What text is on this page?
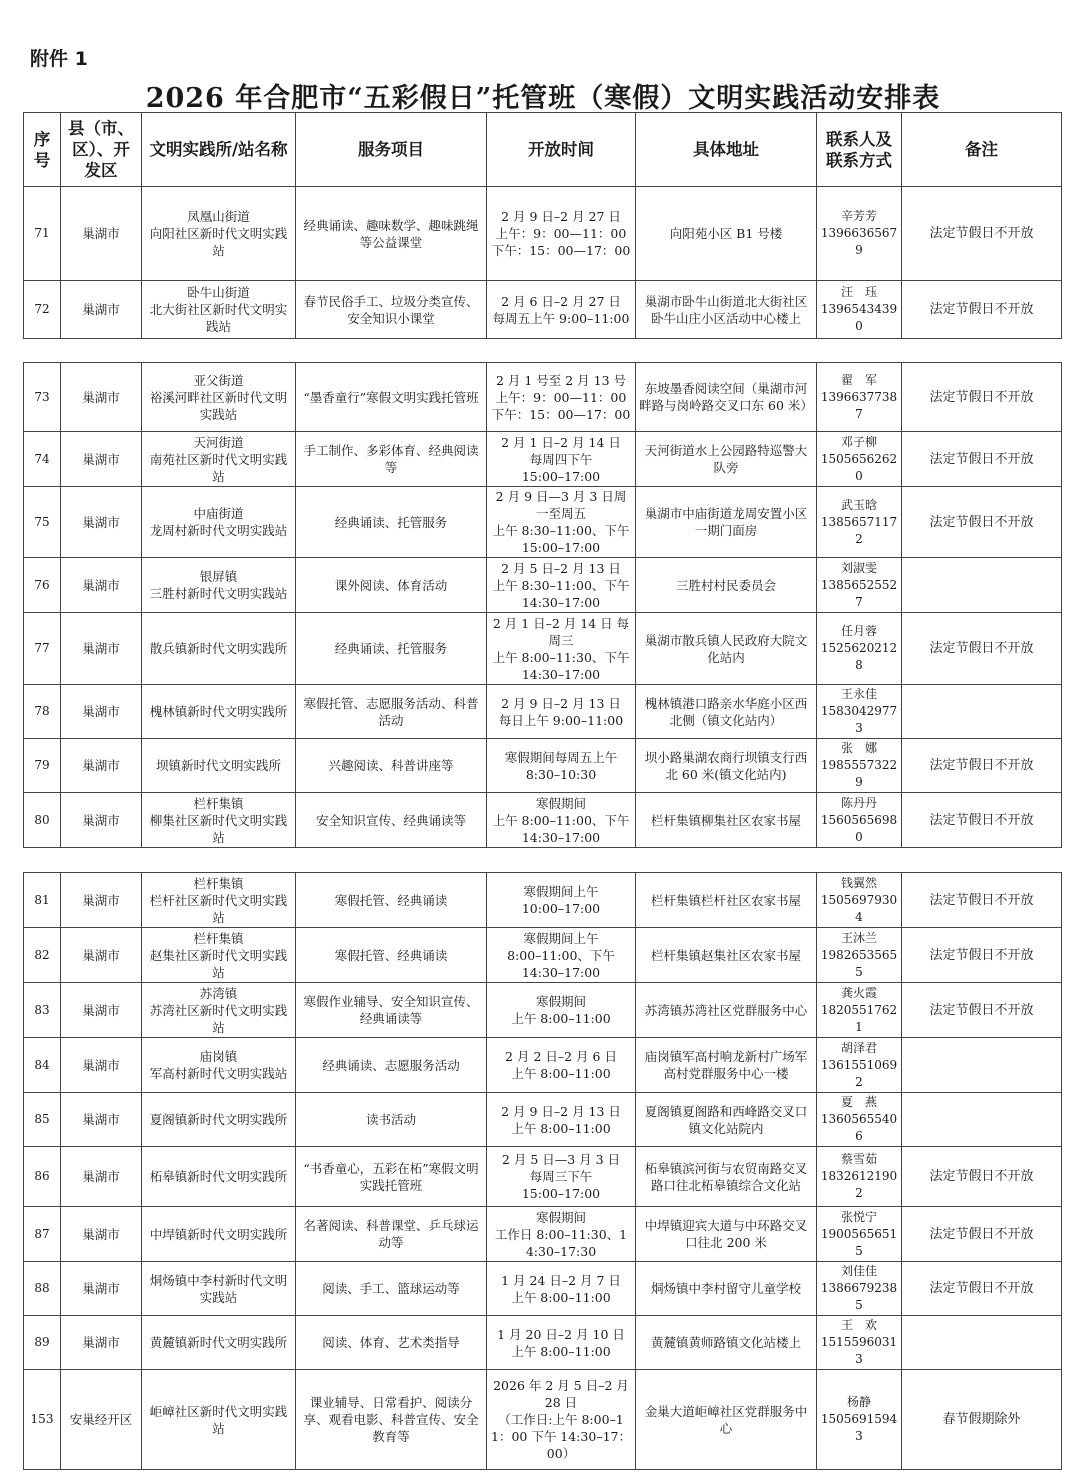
附件 1
2026 年合肥市“五彩假日”托管班（寒假）文明实践活动安排表
序号	县（市、区）、开发区	文明实践所/站名称	服务项目	开放时间	具体地址	联系人及联系方式	备注
71	巢湖市	凤凰山街道
向阳社区新时代文明实践站	经典诵读、趣味数学、趣味跳绳等公益课堂	2 月 9 日–2 月 27 日
上午：9：00—11：00
下午：15：00—17：00	向阳苑小区 B1 号楼	辛芳芳
13966365679	法定节假日不开放
72	巢湖市	卧牛山街道
北大街社区新时代文明实践站	春节民俗手工、垃圾分类宣传、安全知识小课堂	2 月 6 日–2 月 27 日
每周五上午 9:00–11:00	巢湖市卧牛山街道北大街社区卧牛山庄小区活动中心楼上	汪　珏
13965434390	法定节假日不开放
73	巢湖市	亚父街道
裕溪河畔社区新时代文明实践站	“墨香童行”寒假文明实践托管班	2 月 1 号至 2 月 13 号
上午：9：00—11：00
下午：15：00—17：00	东坡墨香阅读空间（巢湖市河畔路与岗岭路交叉口东 60 米）	翟　军
13966377387	法定节假日不开放
74	巢湖市	天河街道
南苑社区新时代文明实践站	手工制作、多彩体育、经典阅读等	2 月 1 日–2 月 14 日
每周四下午
15:00–17:00	天河街道水上公园路特巡警大队旁	邓子柳
15056562620	法定节假日不开放
75	巢湖市	中庙街道
龙周村新时代文明实践站	经典诵读、托管服务	2 月 9 日—3 月 3 日周一至周五
上午 8:30–11:00、下午 15:00–17:00	巢湖市中庙街道龙周安置小区一期门面房	武玉晗
13856571172	法定节假日不开放
76	巢湖市	银屏镇
三胜村新时代文明实践站	课外阅读、体育活动	2 月 5 日–2 月 13 日
上午 8:30–11:00、下午 14:30–17:00	三胜村村民委员会	刘淑雯
13856525527	
77	巢湖市	散兵镇新时代文明实践所	经典诵读、托管服务	2 月 1 日–2 月 14 日 每周三
上午 8:00–11:30、下午 14:30–17:00	巢湖市散兵镇人民政府大院文化站内	任月蓉
15256202128	法定节假日不开放
78	巢湖市	槐林镇新时代文明实践所	寒假托管、志愿服务活动、科普活动	2 月 9 日–2 月 13 日
每日上午 9:00–11:00	槐林镇港口路亲水华庭小区西北侧（镇文化站内）	王永佳
15830429773	
79	巢湖市	坝镇新时代文明实践所	兴趣阅读、科普讲座等	寒假期间每周五上午
8:30–10:30	坝小路巢湖农商行坝镇支行西北 60 米(镇文化站内)	张　娜
19855573229	法定节假日不开放
80	巢湖市	栏杆集镇
柳集社区新时代文明实践站	安全知识宣传、经典诵读等	寒假期间
上午 8:00–11:00、下午 14:30–17:00	栏杆集镇柳集社区农家书屋	陈丹丹
15605656980	法定节假日不开放
81	巢湖市	栏杆集镇
栏杆社区新时代文明实践站	寒假托管、经典诵读	寒假期间上午
10:00–17:00	栏杆集镇栏杆社区农家书屋	钱翼然
15056979304	法定节假日不开放
82	巢湖市	栏杆集镇
赵集社区新时代文明实践站	寒假托管、经典诵读	寒假期间上午
8:00–11:00、下午
14:30–17:00	栏杆集镇赵集社区农家书屋	王沐兰
19826535655	法定节假日不开放
83	巢湖市	苏湾镇
苏湾社区新时代文明实践站	寒假作业辅导、安全知识宣传、经典诵读等	寒假期间
上午 8:00–11:00	苏湾镇苏湾社区党群服务中心	龚火霞
18205517621	法定节假日不开放
84	巢湖市	庙岗镇
军高村新时代文明实践站	经典诵读、志愿服务活动	2 月 2 日–2 月 6 日
上午 8:00–11:00	庙岗镇军高村响龙新村广场军高村党群服务中心一楼	胡泽君
13615510692	
85	巢湖市	夏阁镇新时代文明实践所	读书活动	2 月 9 日–2 月 13 日
上午 8:00–11:00	夏阁镇夏阁路和西峰路交叉口镇文化站院内	夏　燕
13605655406	
86	巢湖市	柘皋镇新时代文明实践所	“书香童心，五彩在柘”寒假文明实践托管班	2 月 5 日—3 月 3 日
每周三下午
15:00–17:00	柘皋镇滨河街与农贸南路交叉路口往北柘皋镇综合文化站	蔡雪茹
18326121902	法定节假日不开放
87	巢湖市	中垾镇新时代文明实践所	名著阅读、科普课堂、乒乓球运动等	寒假期间
工作日 8:00–11:30、14:30–17:30	中垾镇迎宾大道与中环路交叉口往北 200 米	张悦宁
19005656515	法定节假日不开放
88	巢湖市	烔炀镇中李村新时代文明实践站	阅读、手工、篮球运动等	1 月 24 日–2 月 7 日
上午 8:00–11:00	烔炀镇中李村留守儿童学校	刘佳佳
13866792385	法定节假日不开放
89	巢湖市	黄麓镇新时代文明实践所	阅读、体育、艺术类指导	1 月 20 日–2 月 10 日
上午 8:00–11:00	黄麓镇黄师路镇文化站楼上	王　欢
15155960313	
153	安巢经开区	岠嶂社区新时代文明实践站	课业辅导、日常看护、阅读分享、观看电影、科普宣传、安全教育等	2026 年 2 月 5 日–2 月 28 日
（工作日:上午 8:00–11：00 下午 14:30–17：00）	金巢大道岠嶂社区党群服务中心	杨静
15056915943	春节假期除外
